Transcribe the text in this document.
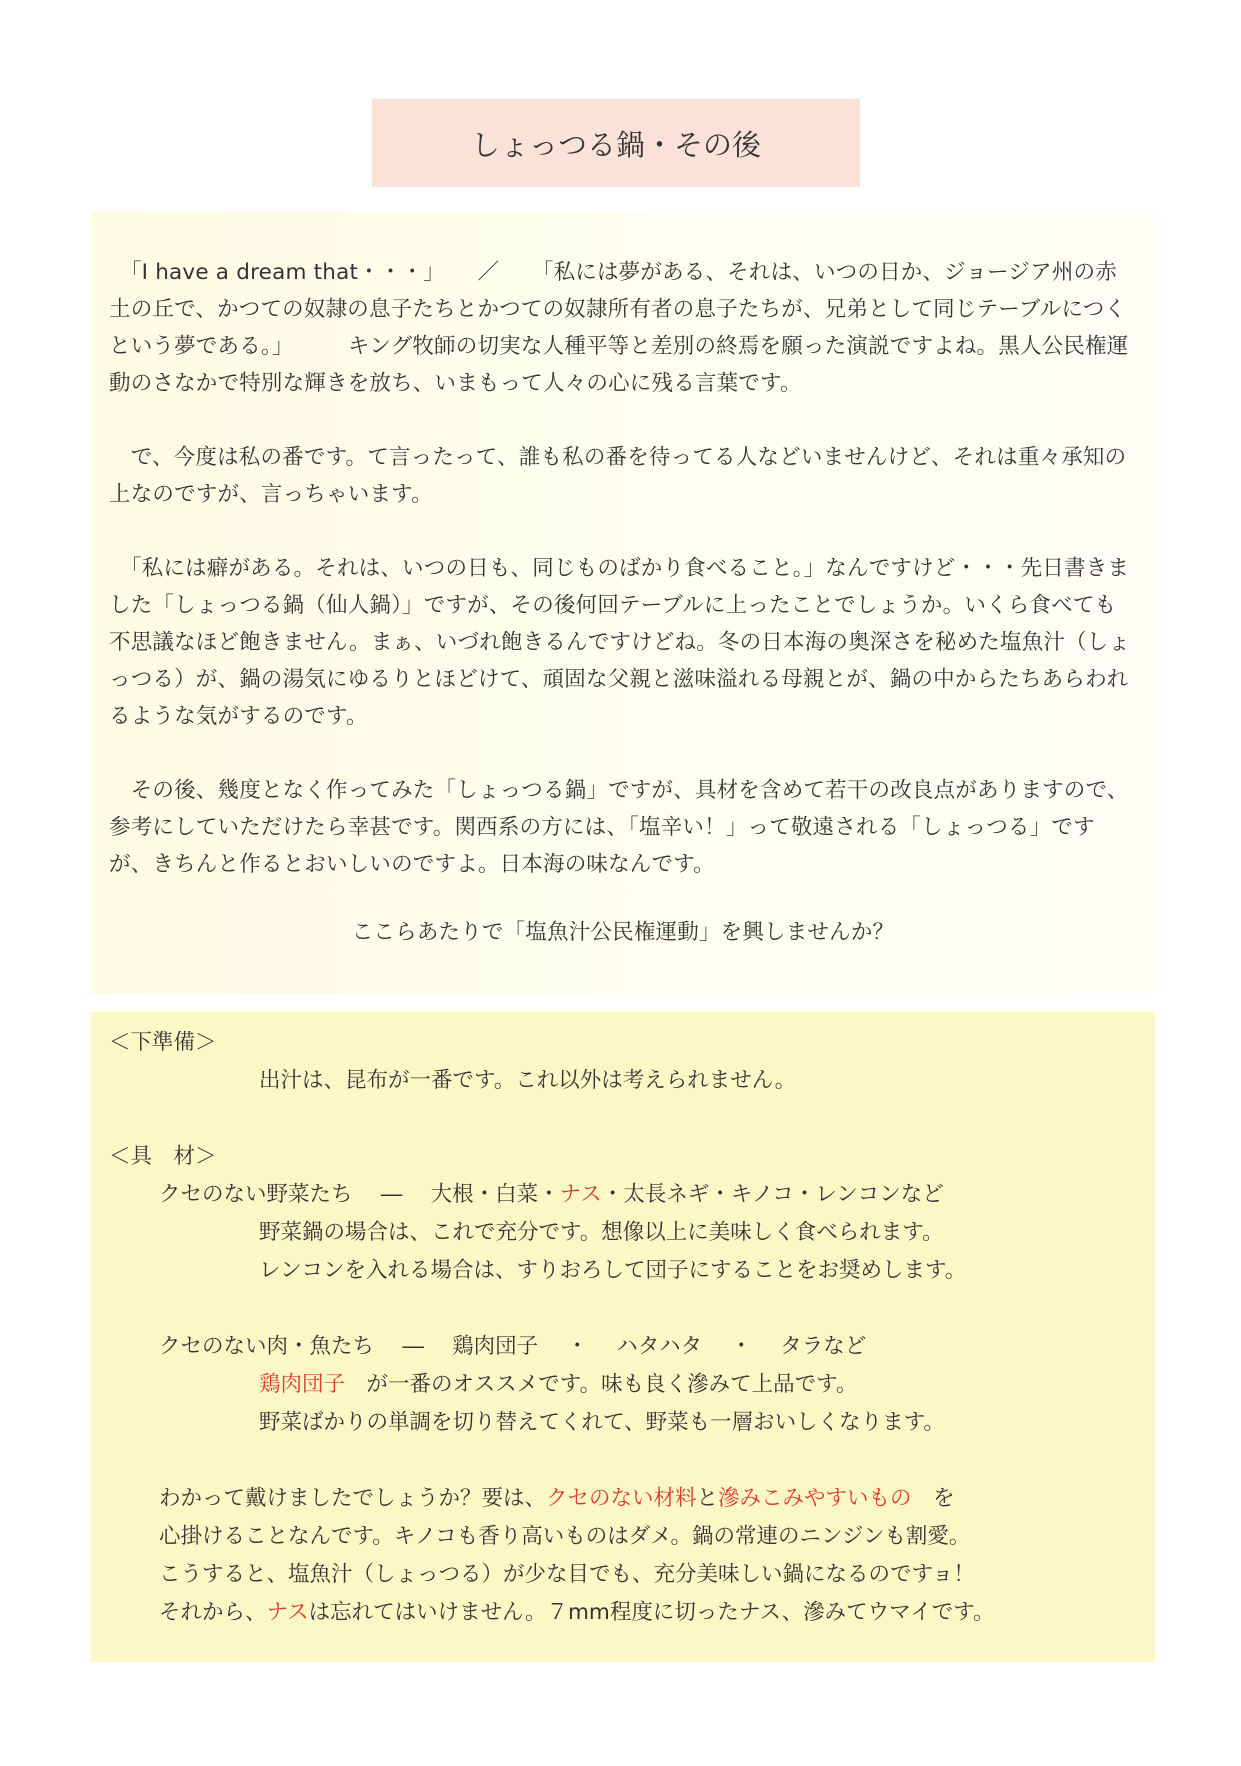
しょっつる鍋・その後

　「I have a dream that・・・」　　／　　「私には夢がある、それは、いつの日か、ジョージア州の赤土の丘で、かつての奴隷の息子たちとかつての奴隷所有者の息子たちが、兄弟として同じテーブルにつくという夢である。」　　　キング牧師の切実な人種平等と差別の終焉を願った演説ですよね。黒人公民権運動のさなかで特別な輝きを放ち、いまもって人々の心に残る言葉です。

　で、今度は私の番です。て言ったって、誰も私の番を待ってる人などいませんけど、それは重々承知の上なのですが、言っちゃいます。

　「私には癖がある。それは、いつの日も、同じものばかり食べること。」なんですけど・・・先日書きました「しょっつる鍋（仙人鍋）」ですが、その後何回テーブルに上ったことでしょうか。いくら食べても不思議なほど飽きません。まぁ、いづれ飽きるんですけどね。冬の日本海の奥深さを秘めた塩魚汁（しょっつる）が、鍋の湯気にゆるりとほどけて、頑固な父親と滋味溢れる母親とが、鍋の中からたちあらわれるような気がするのです。

　その後、幾度となく作ってみた「しょっつる鍋」ですが、具材を含めて若干の改良点がありますので、参考にしていただけたら幸甚です。関西系の方には、「塩辛い！」って敬遠される「しょっつる」ですが、きちんと作るとおいしいのですよ。日本海の味なんです。

ここらあたりで「塩魚汁公民権運動」を興しませんか？

＜下準備＞
出汁は、昆布が一番です。これ以外は考えられません。
＜具　材＞
クセのない野菜たち　 ―　 大根・白菜・ナス・太長ネギ・キノコ・レンコンなど
野菜鍋の場合は、これで充分です。想像以上に美味しく食べられます。
レンコンを入れる場合は、すりおろして団子にすることをお奨めします。
クセのない肉・魚たち　 ―　 鶏肉団子　 ・　 ハタハタ　 ・　 タラなど
鶏肉団子　が一番のオススメです。味も良く滲みて上品です。
野菜ばかりの単調を切り替えてくれて、野菜も一層おいしくなります。
わかって戴けましたでしょうか？要は、クセのない材料と滲みこみやすいもの　を
心掛けることなんです。キノコも香り高いものはダメ。鍋の常連のニンジンも割愛。
こうすると、塩魚汁（しょっつる）が少な目でも、充分美味しい鍋になるのですョ！
それから、ナスは忘れてはいけません。７mm程度に切ったナス、滲みてウマイです。
